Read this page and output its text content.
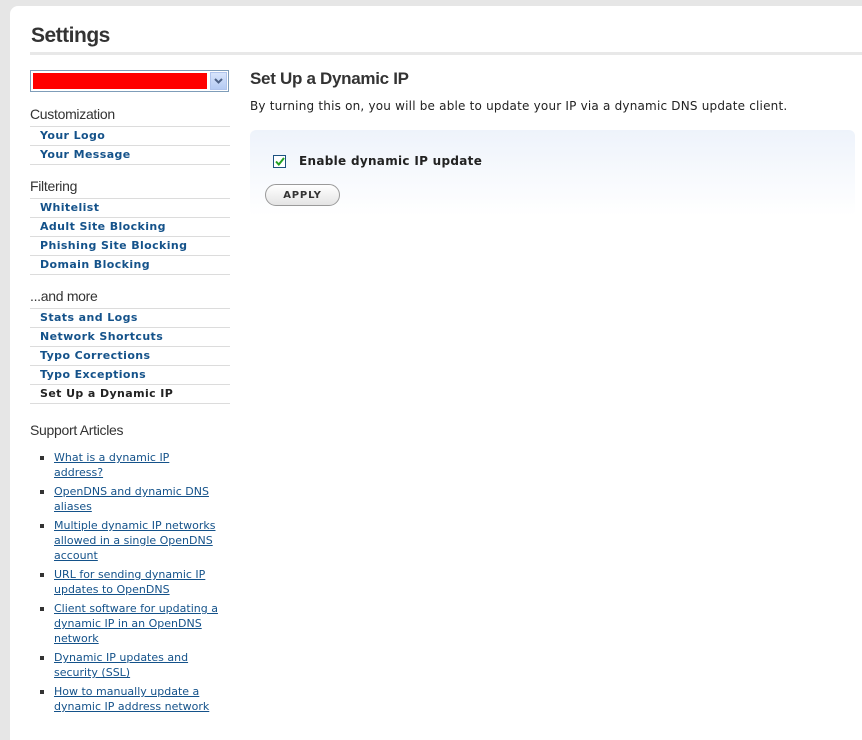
Settings
Customization
Your Logo
Your Message
Filtering
Whitelist
Adult Site Blocking
Phishing Site Blocking
Domain Blocking
...and more
Stats and Logs
Network Shortcuts
Typo Corrections
Typo Exceptions
Set Up a Dynamic IP
Support Articles
What is a dynamic IP address?
OpenDNS and dynamic DNS aliases
Multiple dynamic IP networks allowed in a single OpenDNS account
URL for sending dynamic IP updates to OpenDNS
Client software for updating a dynamic IP in an OpenDNS network
Dynamic IP updates and security (SSL)
How to manually update a dynamic IP address network
Set Up a Dynamic IP
By turning this on, you will be able to update your IP via a dynamic DNS update client.
Enable dynamic IP update
APPLY
